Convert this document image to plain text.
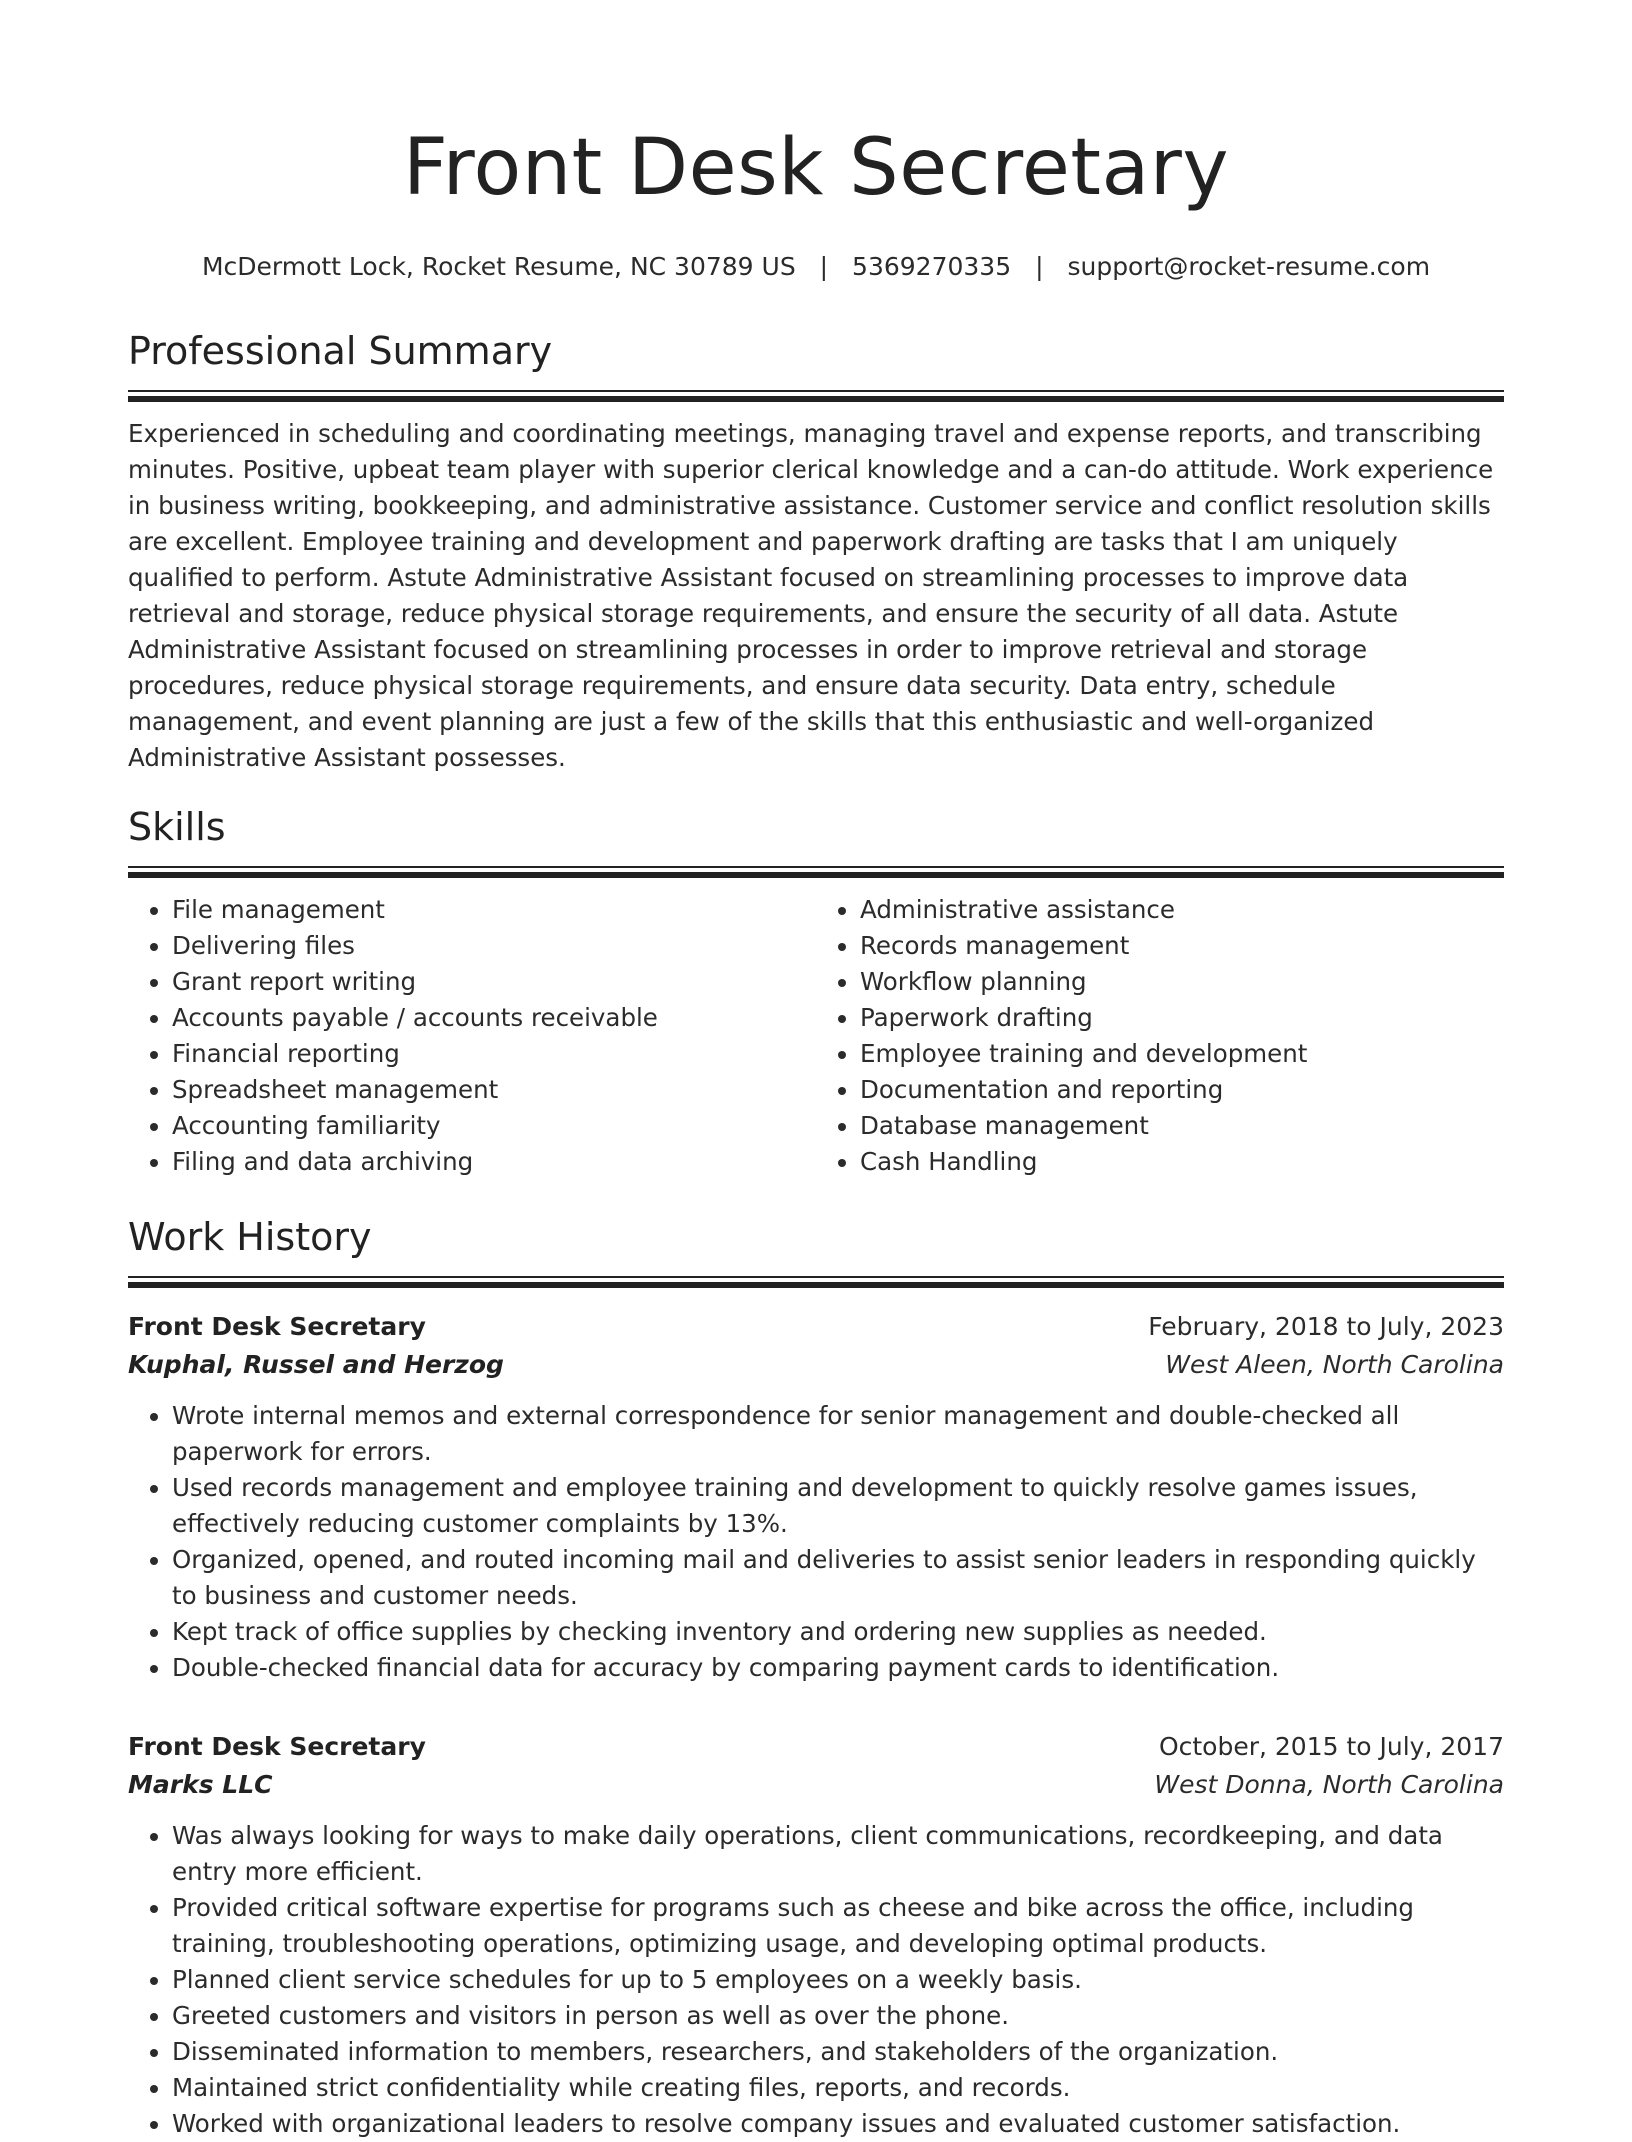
Front Desk Secretary
McDermott Lock, Rocket Resume, NC 30789 US | 5369270335 | support@rocket-resume.com
Professional Summary

Experienced in scheduling and coordinating meetings, managing travel and expense reports, and transcribing minutes. Positive, upbeat team player with superior clerical knowledge and a can-do attitude. Work experience in business writing, bookkeeping, and administrative assistance. Customer service and conflict resolution skills are excellent. Employee training and development and paperwork drafting are tasks that I am uniquely qualified to perform. Astute Administrative Assistant focused on streamlining processes to improve data retrieval and storage, reduce physical storage requirements, and ensure the security of all data. Astute Administrative Assistant focused on streamlining processes in order to improve retrieval and storage procedures, reduce physical storage requirements, and ensure data security. Data entry, schedule management, and event planning are just a few of the skills that this enthusiastic and well-organized Administrative Assistant possesses.

Skills
• File management
• Delivering files
• Grant report writing
• Accounts payable / accounts receivable
• Financial reporting
• Spreadsheet management
• Accounting familiarity
• Filing and data archiving
• Administrative assistance
• Records management
• Workflow planning
• Paperwork drafting
• Employee training and development
• Documentation and reporting
• Database management
• Cash Handling
Work History
Front Desk Secretary	February, 2018 to July, 2023
Kuphal, Russel and Herzog	West Aleen, North Carolina
• Wrote internal memos and external correspondence for senior management and double-checked all paperwork for errors.
• Used records management and employee training and development to quickly resolve games issues, effectively reducing customer complaints by 13%.
• Organized, opened, and routed incoming mail and deliveries to assist senior leaders in responding quickly to business and customer needs.
• Kept track of office supplies by checking inventory and ordering new supplies as needed.
• Double-checked financial data for accuracy by comparing payment cards to identification.
Front Desk Secretary	October, 2015 to July, 2017
Marks LLC	West Donna, North Carolina
• Was always looking for ways to make daily operations, client communications, recordkeeping, and data entry more efficient.
• Provided critical software expertise for programs such as cheese and bike across the office, including training, troubleshooting operations, optimizing usage, and developing optimal products.
• Planned client service schedules for up to 5 employees on a weekly basis.
• Greeted customers and visitors in person as well as over the phone.
• Disseminated information to members, researchers, and stakeholders of the organization.
• Maintained strict confidentiality while creating files, reports, and records.
• Worked with organizational leaders to resolve company issues and evaluated customer satisfaction.
